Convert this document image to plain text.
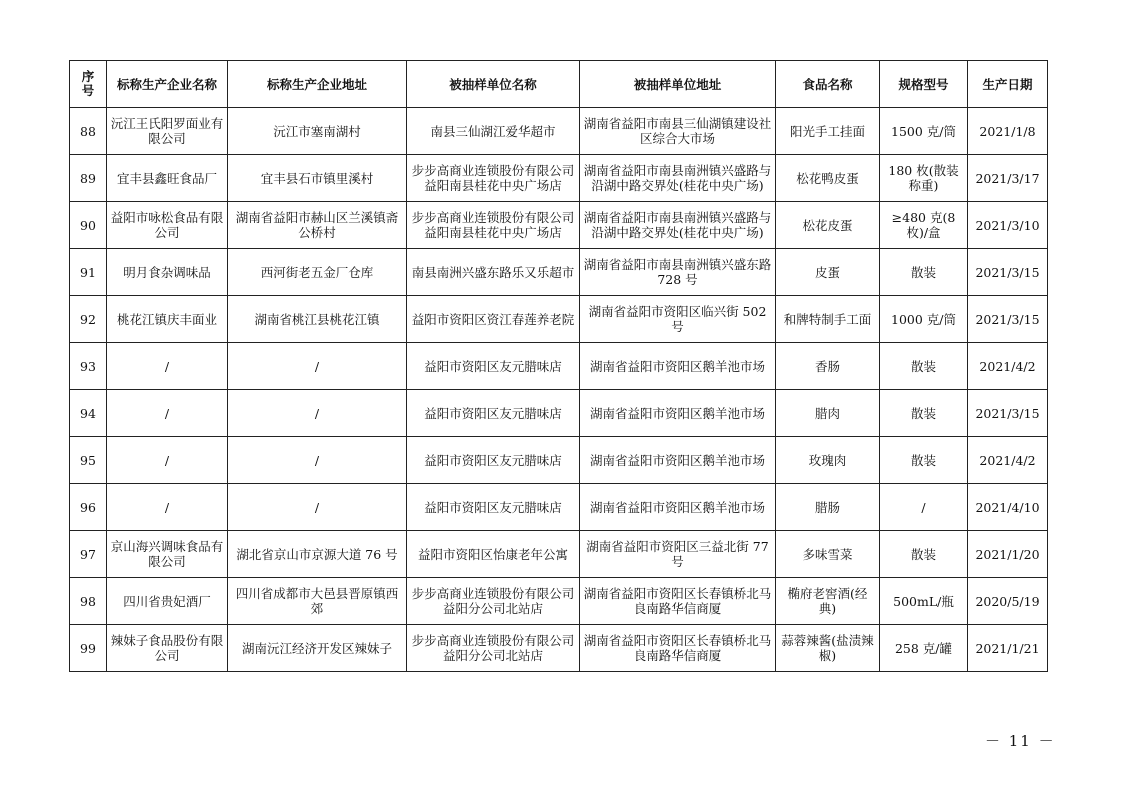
序
号	标称生产企业名称	标称生产企业地址	被抽样单位名称	被抽样单位地址	食品名称	规格型号	生产日期
88	沅江王氏阳罗面业有限公司	沅江市塞南湖村	南县三仙湖江爱华超市	湖南省益阳市南县三仙湖镇建设社区综合大市场	阳光手工挂面	1500 克/筒	2021/1/8
89	宜丰县鑫旺食品厂	宜丰县石市镇里溪村	步步高商业连锁股份有限公司益阳南县桂花中央广场店	湖南省益阳市南县南洲镇兴盛路与沿湖中路交界处(桂花中央广场)	松花鸭皮蛋	180 枚(散装称重)	2021/3/17
90	益阳市咏松食品有限公司	湖南省益阳市赫山区兰溪镇斋公桥村	步步高商业连锁股份有限公司益阳南县桂花中央广场店	湖南省益阳市南县南洲镇兴盛路与沿湖中路交界处(桂花中央广场)	松花皮蛋	≥480 克(8 枚)/盒	2021/3/10
91	明月食杂调味品	西河街老五金厂仓库	南县南洲兴盛东路乐又乐超市	湖南省益阳市南县南洲镇兴盛东路 728 号	皮蛋	散装	2021/3/15
92	桃花江镇庆丰面业	湖南省桃江县桃花江镇	益阳市资阳区资江春莲养老院	湖南省益阳市资阳区临兴街 502 号	和牌特制手工面	1000 克/筒	2021/3/15
93	/	/	益阳市资阳区友元腊味店	湖南省益阳市资阳区鹅羊池市场	香肠	散装	2021/4/2
94	/	/	益阳市资阳区友元腊味店	湖南省益阳市资阳区鹅羊池市场	腊肉	散装	2021/3/15
95	/	/	益阳市资阳区友元腊味店	湖南省益阳市资阳区鹅羊池市场	玫瑰肉	散装	2021/4/2
96	/	/	益阳市资阳区友元腊味店	湖南省益阳市资阳区鹅羊池市场	腊肠	/	2021/4/10
97	京山海兴调味食品有限公司	湖北省京山市京源大道 76 号	益阳市资阳区怡康老年公寓	湖南省益阳市资阳区三益北街 77 号	多味雪菜	散装	2021/1/20
98	四川省贵妃酒厂	四川省成都市大邑县晋原镇西郊	步步高商业连锁股份有限公司益阳分公司北站店	湖南省益阳市资阳区长春镇桥北马良南路华信商厦	椭府老窖酒(经典)	500mL/瓶	2020/5/19
99	辣妹子食品股份有限公司	湖南沅江经济开发区辣妹子	步步高商业连锁股份有限公司益阳分公司北站店	湖南省益阳市资阳区长春镇桥北马良南路华信商厦	蒜蓉辣酱(盐渍辣椒)	258 克/罐	2021/1/21
－ 11 －
